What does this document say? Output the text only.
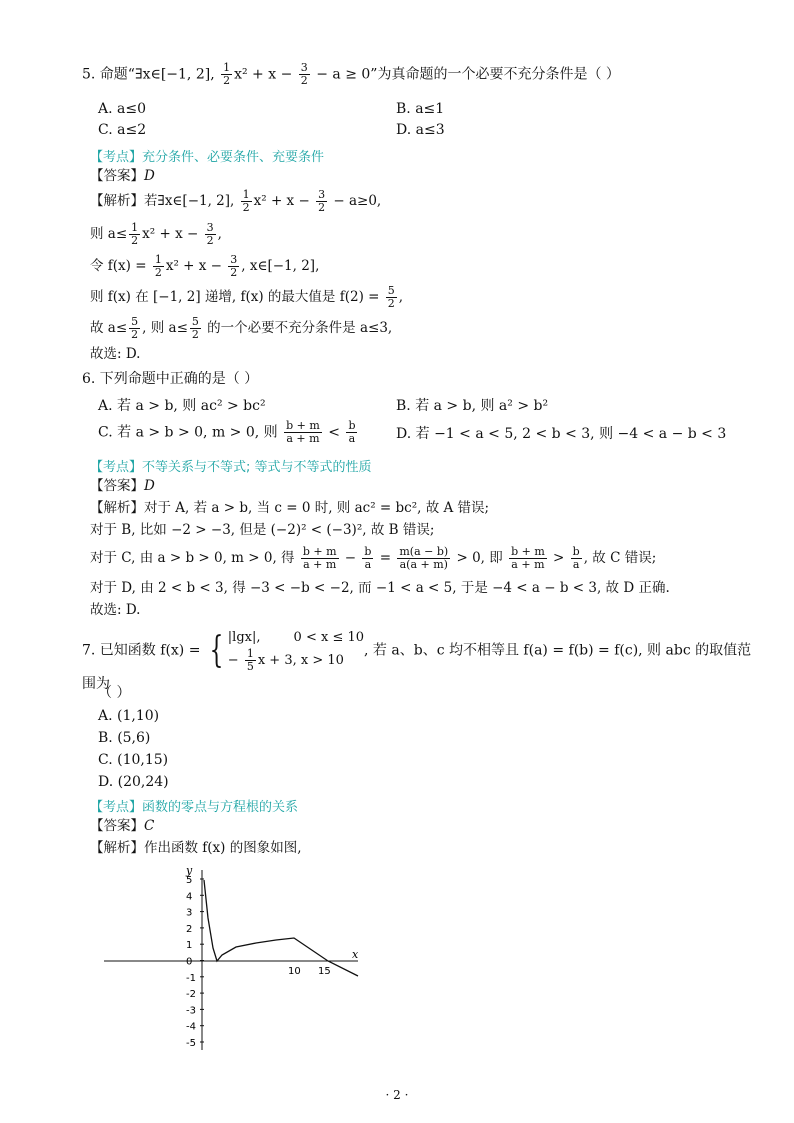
5. 命题“∃x∈[−1, 2], $\frac{1}{2} x^2 + x - \frac{3}{2} - a \ge 0$”为真命题的一个必要不充分条件是（ ）
A. a≤0	B. a≤1
C. a≤2	D. a≤3
【考点】充分条件、必要条件、充要条件
【答案】D
【解析】若∃x∈[−1, 2], $\frac{1}{2} x^2 + x - \frac{3}{2} - a\ge 0$,
则 $a\le \frac{1}{2} x^2 + x - \frac{3}{2}$ ,
令 $f(x) = \frac{1}{2} x^2 + x - \frac{3}{2}$ , x∈[−1, 2],
则 f(x) 在 [−1, 2] 递增, f(x) 的最大值是 $f(2) = \frac{5}{2}$ ,
故 $a\le \frac{5}{2}$ , 则 $a\le \frac{5}{2}$ 的一个必要不充分条件是 a≤3,
故选: D.
6. 下列命题中正确的是（ ）
A. 若 a > b, 则 ac² > bc²	B. 若 a > b, 则 a² > b²
C. 若 a > b > 0, m > 0, 则 $\frac{b + m}{a + m} < \frac{b}{a}$	D. 若 −1 < a < 5, 2 < b < 3, 则 −4 < a − b < 3
【考点】不等关系与不等式; 等式与不等式的性质
【答案】D
【解析】对于 A, 若 a > b, 当 c = 0 时, 则 ac² = bc², 故 A 错误;
对于 B, 比如 −2 > −3, 但是 (−2)² < (−3)², 故 B 错误;
对于 C, 由 a > b > 0, m > 0, 得 $\frac{b + m}{a + m} - \frac{b}{a} = \frac{m(a - b)}{a(a + m)} > 0$, 即 $\frac{b + m}{a + m} > \frac{b}{a}$ , 故 C 错误;
对于 D, 由 2 < b < 3, 得 −3 < −b < −2, 而 −1 < a < 5, 于是 −4 < a − b < 3, 故 D 正确.
故选: D.
7. 已知函数 f(x) = { |lgx|,        0 < x ≤ 10
− $\frac{1}{5}$ x + 3, x > 10
, 若 a、b、c 均不相等且 f(a) = f(b) = f(c), 则 abc 的取值范围为
（ ）
A. (1,10)
B. (5,6)
C. (10,15)
D. (20,24)
【考点】函数的零点与方程根的关系
【答案】C
【解析】作出函数 f(x) 的图象如图,
y
x
5
4
3
2
1
0
-1
-2
-3
-4
-5
10 15
· 2 ·
